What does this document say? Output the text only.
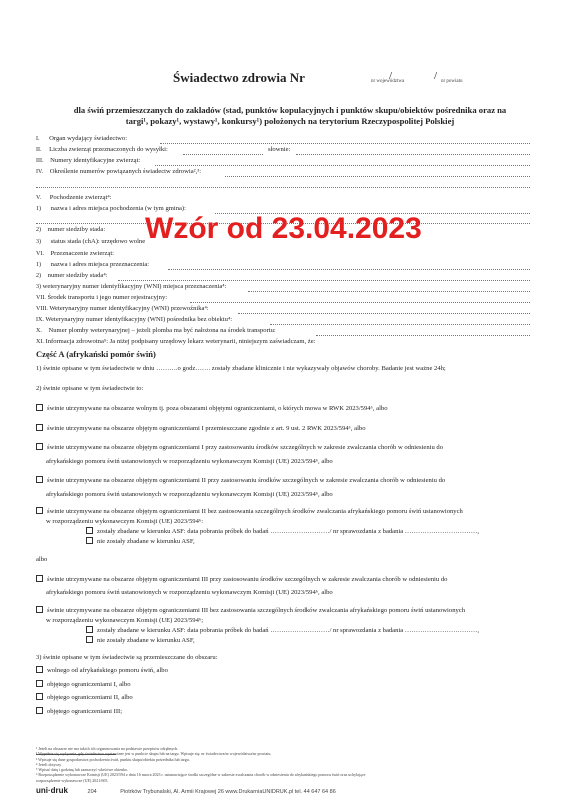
Świadectwo zdrowia Nr	/	/
nr województwa	nr powiatu
dla świń przemieszczanych do zakładów (stad, punktów kopulacyjnych i punktów skupu/obiektów pośrednika oraz na
targi¹, pokazy¹, wystawy¹, konkursy¹) położonych na terytorium Rzeczypospolitej Polskiej
I. Organ wydający świadectwo:
II. Liczba zwierząt przeznaczonych do wysyłki:	słownie:
III. Numery identyfikacyjne zwierząt:
IV. Określenie numerów powiązanych świadectw zdrowia²,³:
V. Pochodzenie zwierząt⁴:
1) nazwa i adres miejsca pochodzenia (w tym gmina):
2) numer siedziby stada:
3) status stada (chA): urzędowo wolne
VI. Przeznaczenie zwierząt:
1) nazwa i adres miejsca przeznaczenia:
2) numer siedziby stada⁴:
3) weterynaryjny numer identyfikacyjny (WNI) miejsca przeznaczenia⁴:
VII. Środek transportu i jego numer rejestracyjny:
VIII. Weterynaryjny numer identyfikacyjny (WNI) przewoźnika⁴:
IX. Weterynaryjny numer identyfikacyjny (WNI) pośrednika bez obiektu⁴:
X. Numer plomby weterynaryjnej – jeżeli plomba ma być nałożona na środek transportu:
XI. Informacja zdrowotna⁵: Ja niżej podpisany urzędowy lekarz weterynarii, niniejszym zaświadczam, że:
Wzór od 23.04.2023
Część A (afrykański pomór świń)
1) świnie opisane w tym świadectwie w dniu ……….o godz……. zostały zbadane klinicznie i nie wykazywały objawów choroby. Badanie jest ważne 24h;
2) świnie opisane w tym świadectwie to:
świnie utrzymywane na obszarze wolnym tj. poza obszarami objętymi ograniczeniami, o których mowa w RWK 2023/594⁶, albo
świnie utrzymywane na obszarze objętym ograniczeniami I przemieszczane zgodnie z art. 9 ust. 2 RWK 2023/594⁶, albo
świnie utrzymywane na obszarze objętym ograniczeniami I przy zastosowaniu środków szczególnych w zakresie zwalczania chorób w odniesieniu do
afrykańskiego pomoru świń ustanowionych w rozporządzeniu wykonawczym Komisji (UE) 2023/594⁶, albo
świnie utrzymywane na obszarze objętym ograniczeniami II przy zastosowaniu środków szczególnych w zakresie zwalczania chorób w odniesieniu do
afrykańskiego pomoru świń ustanowionych w rozporządzeniu wykonawczym Komisji (UE) 2023/594⁶, albo
świnie utrzymywane na obszarze objętym ograniczeniami II bez zastosowania szczególnych środków zwalczania afrykańskiego pomoru świń ustanowionych
w rozporządzeniu wykonawczym Komisji (UE) 2023/594⁶:
zostały zbadane w kierunku ASF: data pobrania próbek do badań ………………………/ nr sprawozdania z badania ……………………………,
nie zostały zbadane w kierunku ASF,
albo
świnie utrzymywane na obszarze objętym ograniczeniami III przy zastosowaniu środków szczególnych w zakresie zwalczania chorób w odniesieniu do
afrykańskiego pomoru świń ustanowionych w rozporządzeniu wykonawczym Komisji (UE) 2023/594⁶, albo
świnie utrzymywane na obszarze objętym ograniczeniami III bez zastosowania szczególnych środków zwalczania afrykańskiego pomoru świń ustanowionych
w rozporządzeniu wykonawczym Komisji (UE) 2023/594⁶;
zostały zbadane w kierunku ASF: data pobrania próbek do badań ………………………/ nr sprawozdania z badania ……………………………,
nie zostały zbadane w kierunku ASF,
3) świnie opisane w tym świadectwie są przemieszczane do obszaru:
wolnego od afrykańskiego pomoru świń, albo
objętego ograniczeniami I, albo
objętego ograniczeniami II, albo
objętego ograniczeniami III;
¹ Jeżeli na obszarze nie ma takich ich organizowania na podstawie przepisów odrębnych.
² Wypełnia się wyłącznie, gdy świadectwo wystawiane jest w punkcie skupu lub na targu. Wpisuje się: nr świadectwa/nr województwa/nr powiatu.
³ Wpisuje się dane gospodarstwa pochodzenia świń, punktu skupu/obiektu pośrednika lub targu.
⁴ Jeżeli dotyczy.
⁵ Wpisać datę i godzinę lub zaznaczyć właściwe okienko.
⁶ Rozporządzenie wykonawcze Komisji (UE) 2023/594 z dnia 16 marca 2023 r. ustanawiające środki szczególne w zakresie zwalczania chorób w odniesieniu do afrykańskiego pomoru świń oraz uchylające
rozporządzenie wykonawcze (UE) 2021/605.
uni·druk	204	Piotrków Trybunalski, Al. Armii Krajowej 26 www.DrukarniaUNIDRUK.pl tel. 44 647 64 86
